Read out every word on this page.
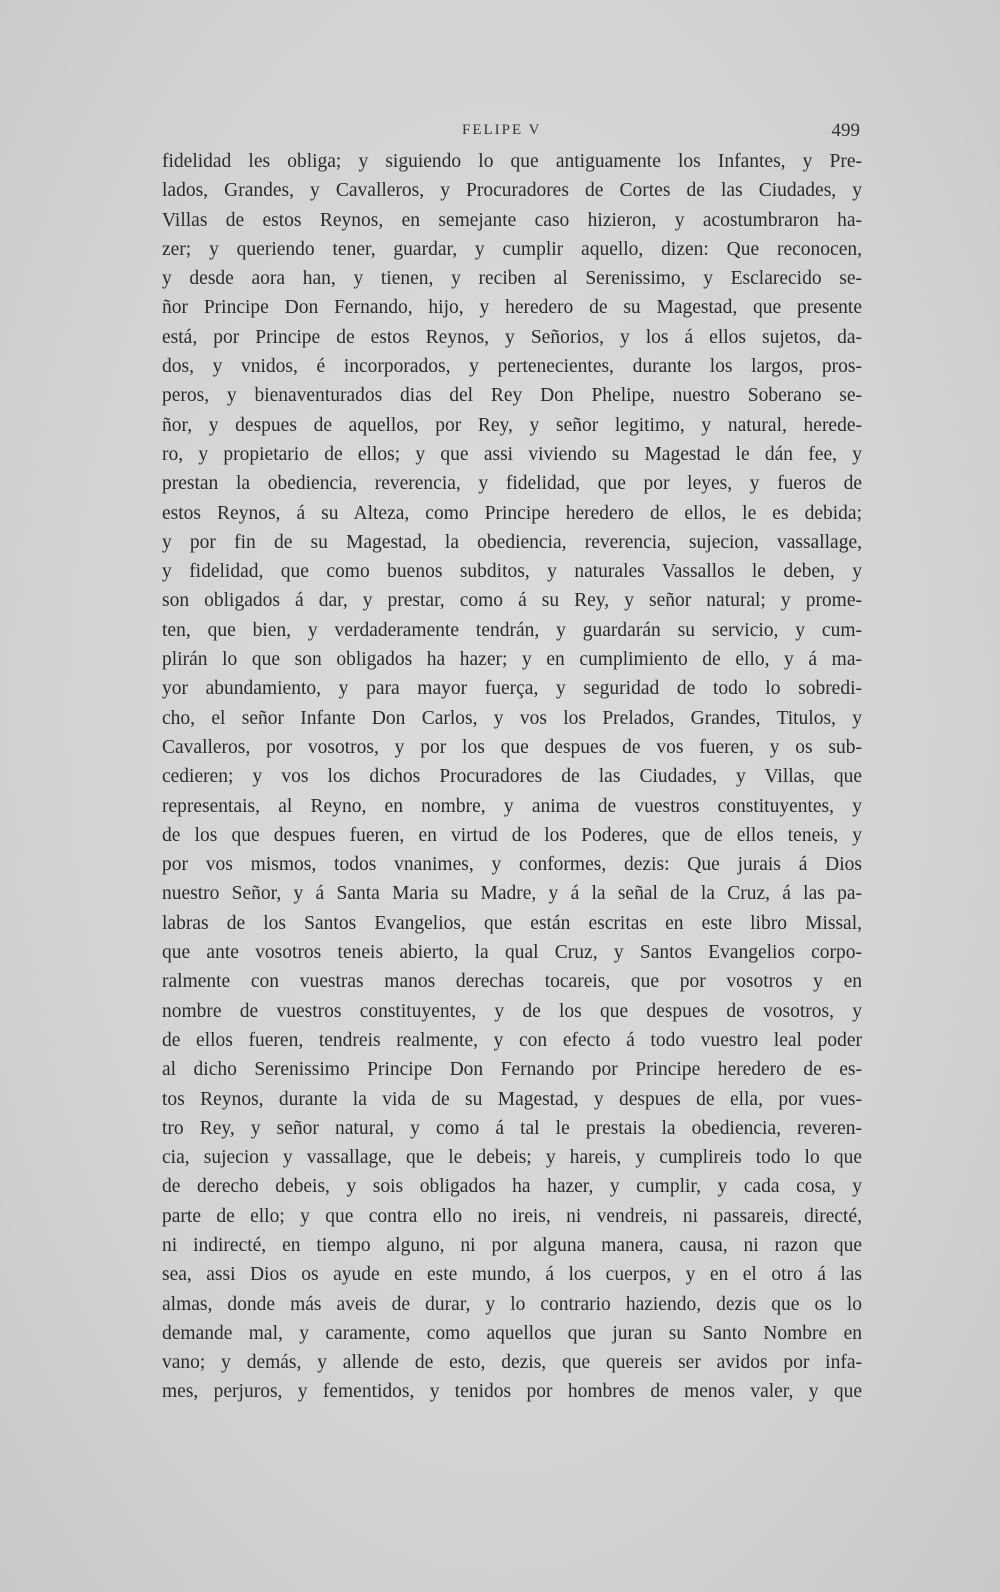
FELIPE V	499
fidelidad les obliga; y siguiendo lo que antiguamente los Infantes, y Pre-
lados, Grandes, y Cavalleros, y Procuradores de Cortes de las Ciudades, y
Villas de estos Reynos, en semejante caso hizieron, y acostumbraron ha-
zer; y queriendo tener, guardar, y cumplir aquello, dizen: Que reconocen,
y desde aora han, y tienen, y reciben al Serenissimo, y Esclarecido se-
ñor Principe Don Fernando, hijo, y heredero de su Magestad, que presente
está, por Principe de estos Reynos, y Señorios, y los á ellos sujetos, da-
dos, y vnidos, é incorporados, y pertenecientes, durante los largos, pros-
peros, y bienaventurados dias del Rey Don Phelipe, nuestro Soberano se-
ñor, y despues de aquellos, por Rey, y señor legitimo, y natural, herede-
ro, y propietario de ellos; y que assi viviendo su Magestad le dán fee, y
prestan la obediencia, reverencia, y fidelidad, que por leyes, y fueros de
estos Reynos, á su Alteza, como Principe heredero de ellos, le es debida;
y por fin de su Magestad, la obediencia, reverencia, sujecion, vassallage,
y fidelidad, que como buenos subditos, y naturales Vassallos le deben, y
son obligados á dar, y prestar, como á su Rey, y señor natural; y prome-
ten, que bien, y verdaderamente tendrán, y guardarán su servicio, y cum-
plirán lo que son obligados ha hazer; y en cumplimiento de ello, y á ma-
yor abundamiento, y para mayor fuerça, y seguridad de todo lo sobredi-
cho, el señor Infante Don Carlos, y vos los Prelados, Grandes, Titulos, y
Cavalleros, por vosotros, y por los que despues de vos fueren, y os sub-
cedieren; y vos los dichos Procuradores de las Ciudades, y Villas, que
representais, al Reyno, en nombre, y anima de vuestros constituyentes, y
de los que despues fueren, en virtud de los Poderes, que de ellos teneis, y
por vos mismos, todos vnanimes, y conformes, dezis: Que jurais á Dios
nuestro Señor, y á Santa Maria su Madre, y á la señal de la Cruz, á las pa-
labras de los Santos Evangelios, que están escritas en este libro Missal,
que ante vosotros teneis abierto, la qual Cruz, y Santos Evangelios corpo-
ralmente con vuestras manos derechas tocareis, que por vosotros y en
nombre de vuestros constituyentes, y de los que despues de vosotros, y
de ellos fueren, tendreis realmente, y con efecto á todo vuestro leal poder
al dicho Serenissimo Principe Don Fernando por Principe heredero de es-
tos Reynos, durante la vida de su Magestad, y despues de ella, por vues-
tro Rey, y señor natural, y como á tal le prestais la obediencia, reveren-
cia, sujecion y vassallage, que le debeis; y hareis, y cumplireis todo lo que
de derecho debeis, y sois obligados ha hazer, y cumplir, y cada cosa, y
parte de ello; y que contra ello no ireis, ni vendreis, ni passareis, directé,
ni indirecté, en tiempo alguno, ni por alguna manera, causa, ni razon que
sea, assi Dios os ayude en este mundo, á los cuerpos, y en el otro á las
almas, donde más aveis de durar, y lo contrario haziendo, dezis que os lo
demande mal, y caramente, como aquellos que juran su Santo Nombre en
vano; y demás, y allende de esto, dezis, que quereis ser avidos por infa-
mes, perjuros, y fementidos, y tenidos por hombres de menos valer, y que
